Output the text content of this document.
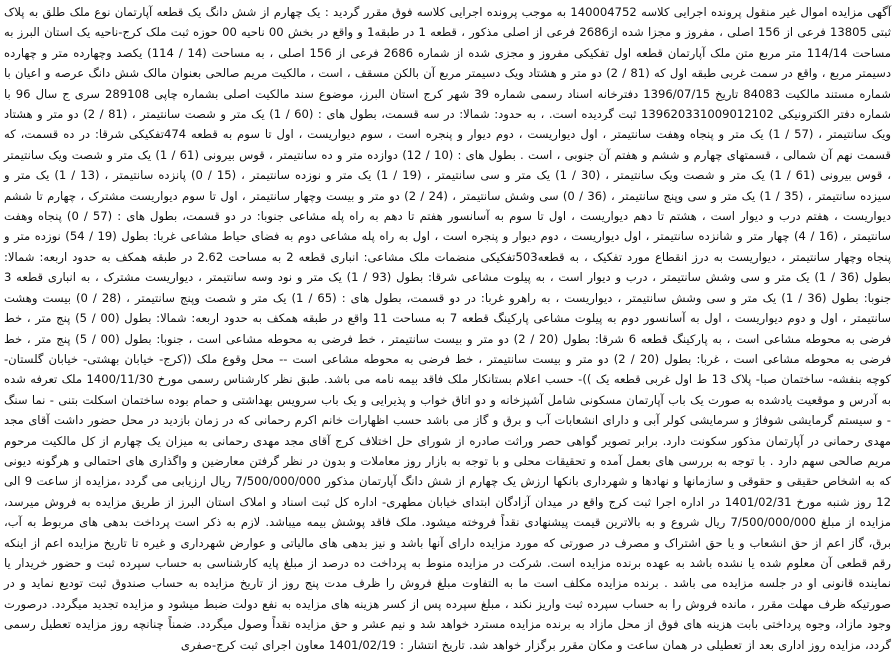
آگهی مزایده اموال غیر منقول پرونده اجرایی کلاسه 140004752 به موجب پرونده اجرایی کلاسه فوق مقرر گردید : یک چهارم از شش دانگ یک قطعه آپارتمان نوع ملک طلق به پلاک ثبتی 13805 فرعی از 156 اصلی ، مفروز و مجزا شده از2686 فرعی از اصلی مذکور ، قطعه 1 در طبقه1 و واقع در بخش 00 ناحیه 00 حوزه ثبت ملک کرج-ناحیه یک استان البرز به مساحت 114/14 متر مربع متن ملک آپارتمان قطعه اول تفکیکی مفروز و مجزی شده از شماره 2686 فرعی از 156 اصلی ، به مساحت (14 / 114) یکصد وچهارده متر و چهارده دسیمتر مربع ، واقع در سمت غربی طبقه اول که (81 / 2) دو متر و هشتاد ویک دسیمتر مربع آن بالکن مسقف ، است ، مالکیت مریم صالحی بعنوان مالک شش دانگ عرصه و اعیان با شماره مستند مالکیت 84083 تاریخ 1396/07/15 دفترخانه اسناد رسمی شماره 39 شهر کرج استان البرز، موضوع سند مالکیت اصلی بشماره چاپی 289108 سری ج سال 96 با شماره دفتر الکترونیکی 139620331009012102 ثبت گردیده است. ، به حدود: شمالا: در سه قسمت، بطول های : (60 / 1) یک متر و شصت سانتیمتر ، (81 / 2) دو متر و هشتاد ویک سانتیمتر ، (57 / 1) یک متر و پنجاه وهفت سانتیمتر ، اول دیواریست ، دوم دیوار و پنجره است ، سوم دیواریست ، اول تا سوم به قطعه 474تفکیکی شرقا: در ده قسمت، که قسمت نهم آن شمالی ، قسمتهای چهارم و ششم و هفتم آن جنوبی ، است . بطول های : (10 / 12) دوازده متر و ده سانتیمتر ، قوس بیرونی (61 / 1) یک متر و شصت ویک سانتیمتر ، قوس بیرونی (61 / 1) یک متر و شصت ویک سانتیمتر ، (30 / 1) یک متر و سی سانتیمتر ، (19 / 1) یک متر و نوزده سانتیمتر ، (15 / 0) پانزده سانتیمتر ، (13 / 1) یک متر و سیزده سانتیمتر ، (35 / 1) یک متر و سی وپنج سانتیمتر ، (36 / 0) سی وشش سانتیمتر ، (24 / 2) دو متر و بیست وچهار سانتیمتر ، اول تا سوم دیواریست مشترک ، چهارم تا ششم دیواریست ، هفتم درب و دیوار است ، هشتم تا دهم دیواریست ، اول تا سوم به آسانسور هفتم تا دهم به راه پله مشاعی جنوبا: در دو قسمت، بطول های : (57 / 0) پنجاه وهفت سانتیمتر ، (16 / 4) چهار متر و شانزده سانتیمتر ، اول دیواریست ، دوم دیوار و پنجره است ، اول به راه پله مشاعی دوم به فضای حیاط مشاعی غربا: بطول (19 / 54) نوزده متر و پنجاه وچهار سانتیمتر ، دیواریست به درز انقطاع مورد تفکیک ، به قطعه503تفکیکی منضمات ملک مشاعی: انباری قطعه 2 به مساحت 2.62 در طبقه همکف به حدود اربعه: شمالا: بطول (36 / 1) یک متر و سی وشش سانتیمتر ، درب و دیوار است ، به پیلوت مشاعی شرقا: بطول (93 / 1) یک متر و نود وسه سانتیمتر ، دیواریست مشترک ، به انباری قطعه 3 جنوبا: بطول (36 / 1) یک متر و سی وشش سانتیمتر ، دیواریست ، به راهرو غربا: در دو قسمت، بطول های : (65 / 1) یک متر و شصت وپنج سانتیمتر ، (28 / 0) بیست وهشت سانتیمتر ، اول و دوم دیواریست ، اول به آسانسور دوم به پیلوت مشاعی پارکینگ قطعه 7 به مساحت 11 واقع در طبقه همکف به حدود اربعه: شمالا: بطول (00 / 5) پنج متر ، خط فرضی به محوطه مشاعی است ، به پارکینگ قطعه 6 شرقا: بطول (20 / 2) دو متر و بیست سانتیمتر ، خط فرضی به محوطه مشاعی است ، جنوبا: بطول (00 / 5) پنج متر ، خط فرضی به محوطه مشاعی است ، غربا: بطول (20 / 2) دو متر و بیست سانتیمتر ، خط فرضی به محوطه مشاعی است -- محل وقوع ملک ((کرج- خیابان بهشتی- خیابان گلستان- کوچه بنفشه- ساختمان صبا- پلاک 13 ط اول غربی قطعه یک ))- حسب اعلام بستانکار ملک فاقد بیمه نامه می باشد. طبق نظر کارشناس رسمی مورخ 1400/11/30 ملک تعرفه شده به آدرس و موقعیت یادشده به صورت یک باب آپارتمان مسکونی شامل آشپزخانه و دو اتاق خواب و پذیرایی و یک باب سرویس بهداشتی و حمام بوده ساختمان اسکلت بتنی - نما سنگ - و سیستم گرمایشی شوفاژ و سرمایشی کولر آبی و دارای انشعابات آب و برق و گاز می باشد حسب اظهارات خانم اکرم رحمانی که در زمان بازدید در محل حضور داشت آقای مجد مهدی رحمانی در آپارتمان مذکور سکونت دارد. برابر تصویر گواهی حصر وراثت صادره از شورای حل اختلاف کرج آقای مجد مهدی رحمانی به میزان یک چهارم از کل مالکیت مرحوم مریم صالحی سهم دارد . با توجه به بررسی های بعمل آمده و تحقیقات محلی و با توجه به بازار روز معاملات و بدون در نظر گرفتن معارضین و واگذاری های احتمالی و هرگونه دیونی که به اشخاص حقیقی و حقوقی و سازمانها و نهادها و شهرداری بانکها ارزش یک چهارم از شش دانگ آپارتمان مذکور 7/500/000/000 ریال ارزیابی می گردد ،مزایده از ساعت 9 الی 12 روز شنبه مورخ 1401/02/31 در اداره اجرا ثبت کرج واقع در میدان آزادگان ابتدای خیابان مطهری- اداره کل ثبت اسناد و املاک استان البرز از طریق مزایده به فروش میرسد، مزایده از مبلغ 7/500/000/000 ریال شروع و به بالاترین قیمت پیشنهادی نقداً فروخته میشود. ملک فاقد پوشش بیمه میباشد. لازم به ذکر است پرداخت بدهی های مربوط به آب، برق، گاز اعم از حق انشعاب و یا حق اشتراک و مصرف در صورتی که مورد مزایده دارای آنها باشد و نیز بدهی های مالیاتی و عوارض شهرداری و غیره تا تاریخ مزایده اعم از اینکه رقم قطعی آن معلوم شده یا نشده باشد به عهده برنده مزایده است. شرکت در مزایده منوط به پرداخت ده درصد از مبلغ پایه کارشناسی به حساب سپرده ثبت و حضور خریدار یا نماینده قانونی او در جلسه مزایده می باشد . برنده مزایده مکلف است ما به التفاوت مبلغ فروش را ظرف مدت پنج روز از تاریخ مزایده به حساب صندوق ثبت تودیع نماید و در صورتیکه ظرف مهلت مقرر ، مانده فروش را به حساب سپرده ثبت واریز نکند ، مبلغ سپرده پس از کسر هزینه های مزایده به نفع دولت ضبط میشود و مزایده تجدید میگردد. درصورت وجود مازاد، وجوه پرداختی بابت هزینه های فوق از محل مازاد به برنده مزایده مسترد خواهد شد و نیم عشر و حق مزایده نقداً وصول میگردد. ضمناً چنانچه روز مزایده تعطیل رسمی گردد، مزایده روز اداری بعد از تعطیلی در همان ساعت و مکان مقرر برگزار خواهد شد. تاریخ انتشار : 1401/02/19 معاون اجرای ثبت کرج-صفری
